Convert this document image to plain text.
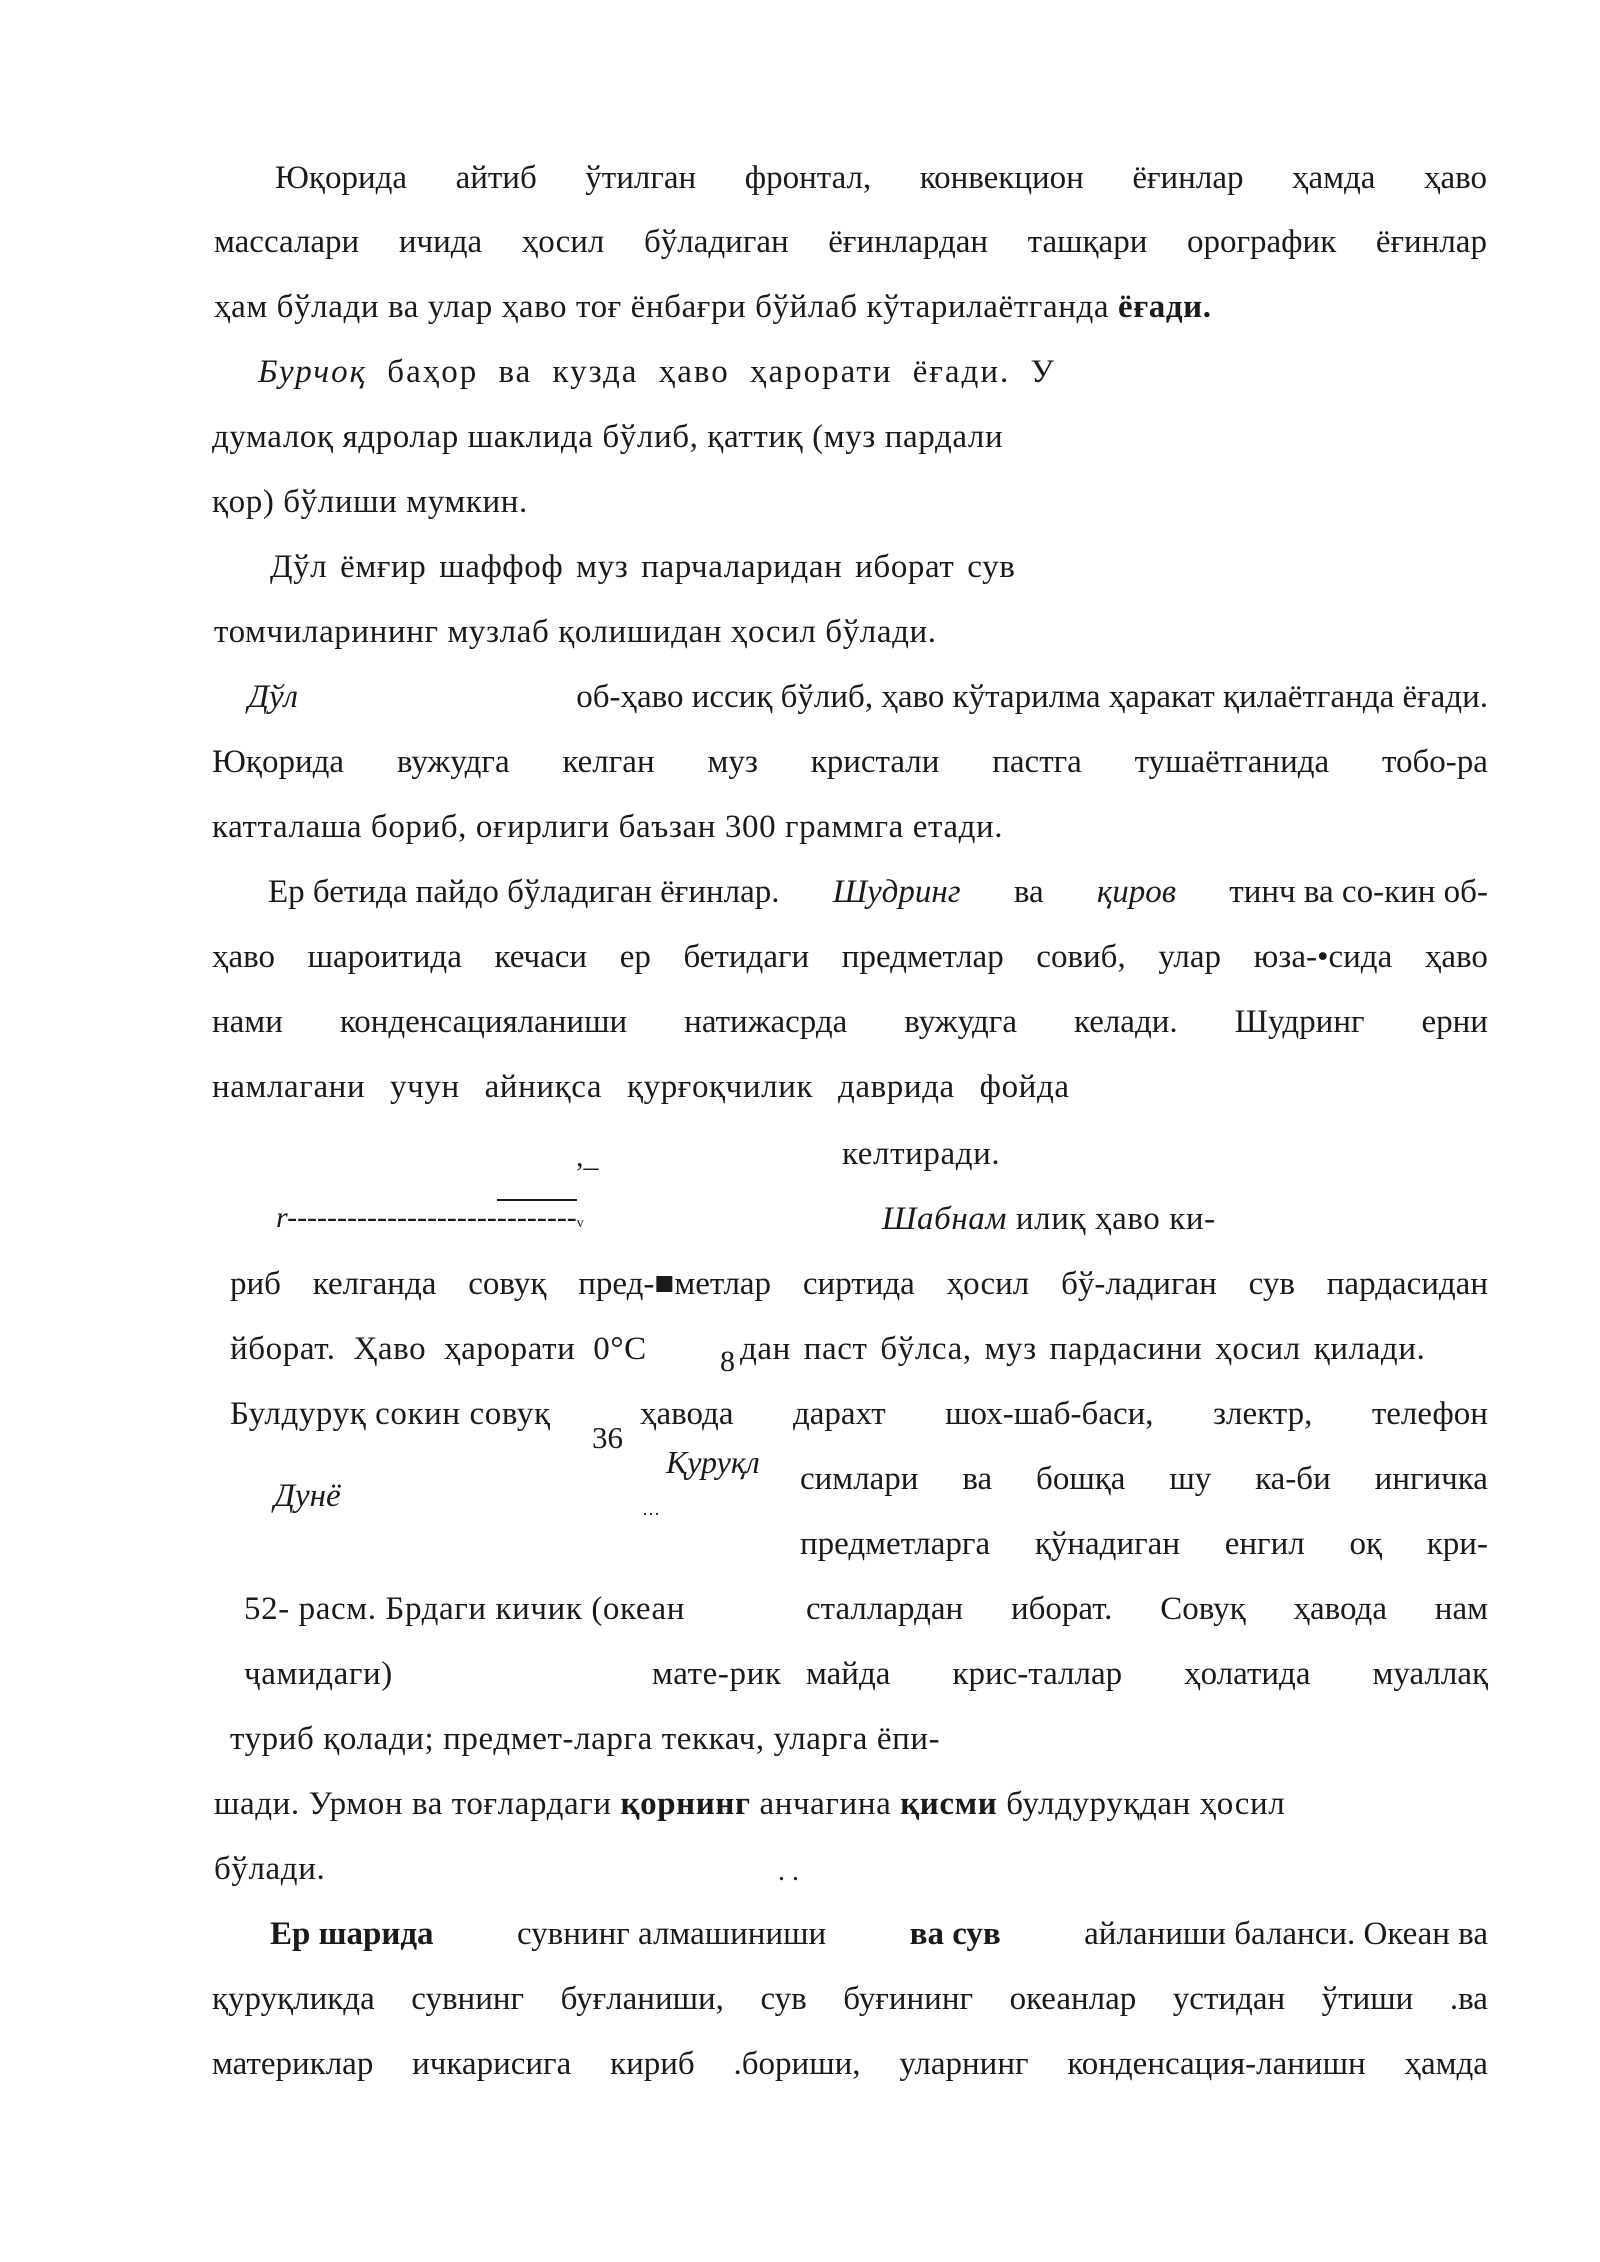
Юқорида айтиб ўтилган фронтал, конвекцион ёғинлар ҳамда ҳаво
массалари ичида ҳосил бўладиган ёғинлардан ташқари орографик ёғинлар
ҳам бўлади ва улар ҳаво тоғ ёнбағри бўйлаб кўтарилаётганда ёғади.
Бурчоқ баҳор ва кузда ҳаво ҳарорати ёғади. У
думалоқ ядролар шаклида бўлиб, қаттиқ (муз пардали
қор) бўлиши мумкин.
Дўл ёмғир шаффоф муз парчаларидан иборат сув
томчиларининг музлаб қолишидан ҳосил бўлади.
Дўл	об-ҳаво иссиқ бўлиб, ҳаво кўтарилма ҳаракат қилаётганда ёғади.
Юқорида вужудга келган муз кристали пастга тушаётганида тобо-ра
катталаша бориб, оғирлиги баъзан 300 граммга етади.
Ер бетида пайдо бўладиган ёғинлар. Шудринг ва қиров тинч ва со-кин об-
ҳаво шароитида кечаси ер бетидаги предметлар совиб, улар юза-•сида ҳаво
нами конденсацияланиши натижасрда вужудга келади. Шудринг ерни
намлагани учун айниқса қурғоқчилик даврида фойда
,_	келтиради.
r-----------------------------v	Шабнам илиқ ҳаво ки-
риб келганда совуқ пред-■метлар сиртида ҳосил бў-ладиган сув пардасидан
йборат. Ҳаво ҳарорати 0°С 8 дан паст бўлса, муз пардасини ҳосил қилади.
Булдуруқ сокин совуқ
36
ҳавода дарахт шох-шаб-баси, злектр, телефон
Қуруқл
…
Дунё	симлари ва бошқа шу ка-би ингичка
предметларга қўнадиган енгил оқ кри-
52- расм. Брдаги кичик (океан	сталлардан иборат. Совуқ ҳавода нам
ҷамидаги)	мате-рик майда крис-таллар ҳолатида муаллақ
туриб қолади; предмет-ларга теккач, уларга ёпи-
шади. Урмон ва тоғлардаги қорнинг анчагина қисми булдуруқдан ҳосил
бўлади.	. .
Ер шарида	сувнинг алмашиниши	ва сув	айланиши баланси. Океан ва
қуруқликда сувнинг буғланиши, сув буғининг океанлар устидан ўтиши .ва
материклар ичкарисига кириб .бориши, уларнинг конденсация-ланишн ҳамда
